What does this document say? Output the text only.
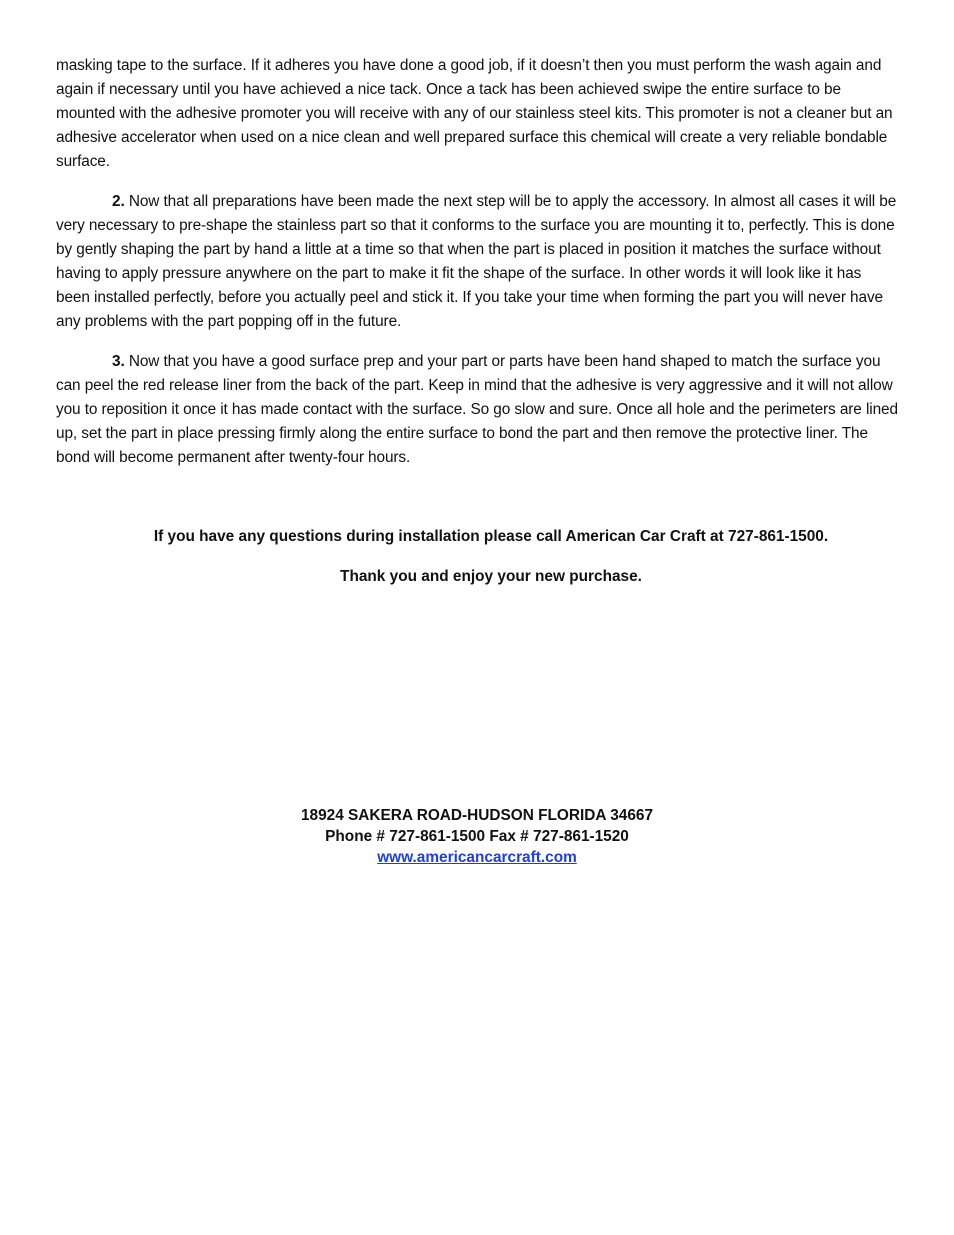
masking tape to the surface. If it adheres you have done a good job, if it doesn’t then you must perform the wash again and again if necessary until you have achieved a nice tack. Once a tack has been achieved swipe the entire surface to be mounted with the adhesive promoter you will receive with any of our stainless steel kits. This promoter is not a cleaner but an adhesive accelerator when used on a nice clean and well prepared surface this chemical will create a very reliable bondable surface.

2. Now that all preparations have been made the next step will be to apply the accessory. In almost all cases it will be very necessary to pre-shape the stainless part so that it conforms to the surface you are mounting it to, perfectly. This is done by gently shaping the part by hand a little at a time so that when the part is placed in position it matches the surface without having to apply pressure anywhere on the part to make it fit the shape of the surface. In other words it will look like it has been installed perfectly, before you actually peel and stick it. If you take your time when forming the part you will never have any problems with the part popping off in the future.

3. Now that you have a good surface prep and your part or parts have been hand shaped to match the surface you can peel the red release liner from the back of the part. Keep in mind that the adhesive is very aggressive and it will not allow you to reposition it once it has made contact with the surface. So go slow and sure. Once all hole and the perimeters are lined up, set the part in place pressing firmly along the entire surface to bond the part and then remove the protective liner. The bond will become permanent after twenty-four hours.

If you have any questions during installation please call American Car Craft at 727-861-1500.
Thank you and enjoy your new purchase.
18924 SAKERA ROAD-HUDSON FLORIDA 34667
Phone # 727-861-1500 Fax # 727-861-1520
www.americancarcraft.com
